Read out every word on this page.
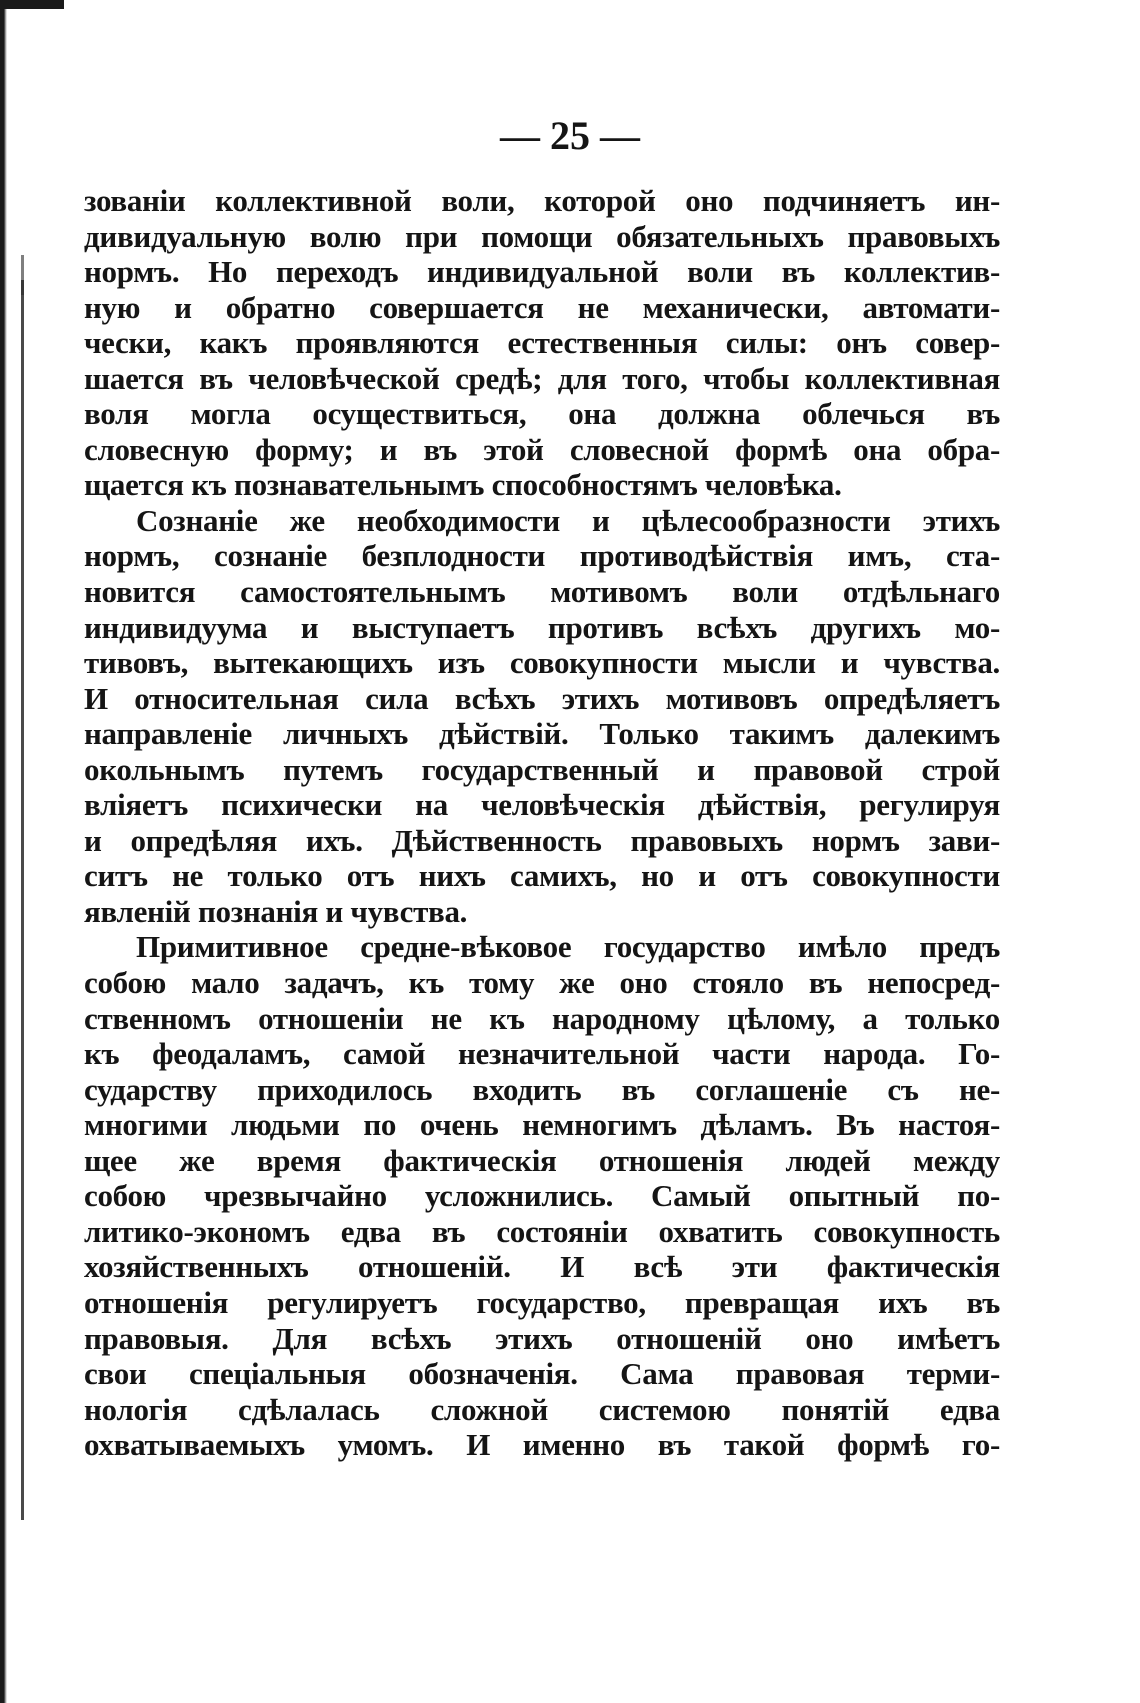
— 25 —
зованіи коллективной воли, которой оно подчиняетъ ин-
дивидуальную волю при помощи обязательныхъ правовыхъ
нормъ. Но переходъ индивидуальной воли въ коллектив-
ную и обратно совершается не механически, автомати-
чески, какъ проявляются естественныя силы: онъ совер-
шается въ человѣческой средѣ; для того, чтобы коллективная
воля могла осуществиться, она должна облечься въ
словесную форму; и въ этой словесной формѣ она обра-
щается къ познавательнымъ способностямъ человѣка.
Сознаніе же необходимости и цѣлесообразности этихъ
нормъ, сознаніе безплодности противодѣйствія имъ, ста-
новится самостоятельнымъ мотивомъ воли отдѣльнаго
индивидуума и выступаетъ противъ всѣхъ другихъ мо-
тивовъ, вытекающихъ изъ совокупности мысли и чувства.
И относительная сила всѣхъ этихъ мотивовъ опредѣляетъ
направленіе личныхъ дѣйствій. Только такимъ далекимъ
окольнымъ путемъ государственный и правовой строй
вліяетъ психически на человѣческія дѣйствія, регулируя
и опредѣляя ихъ. Дѣйственность правовыхъ нормъ зави-
ситъ не только отъ нихъ самихъ, но и отъ совокупности
явленій познанія и чувства.
Примитивное средне-вѣковое государство имѣло предъ
собою мало задачъ, къ тому же оно стояло въ непосред-
ственномъ отношеніи не къ народному цѣлому, а только
къ феодаламъ, самой незначительной части народа. Го-
сударству приходилось входить въ соглашеніе съ не-
многими людьми по очень немногимъ дѣламъ. Въ настоя-
щее же время фактическія отношенія людей между
собою чрезвычайно усложнились. Самый опытный по-
литико-экономъ едва въ состояніи охватить совокупность
хозяйственныхъ отношеній. И всѣ эти фактическія
отношенія регулируетъ государство, превращая ихъ въ
правовыя. Для всѣхъ этихъ отношеній оно имѣетъ
свои спеціальныя обозначенія. Сама правовая терми-
нологія сдѣлалась сложной системою понятій едва
охватываемыхъ умомъ. И именно въ такой формѣ го-
